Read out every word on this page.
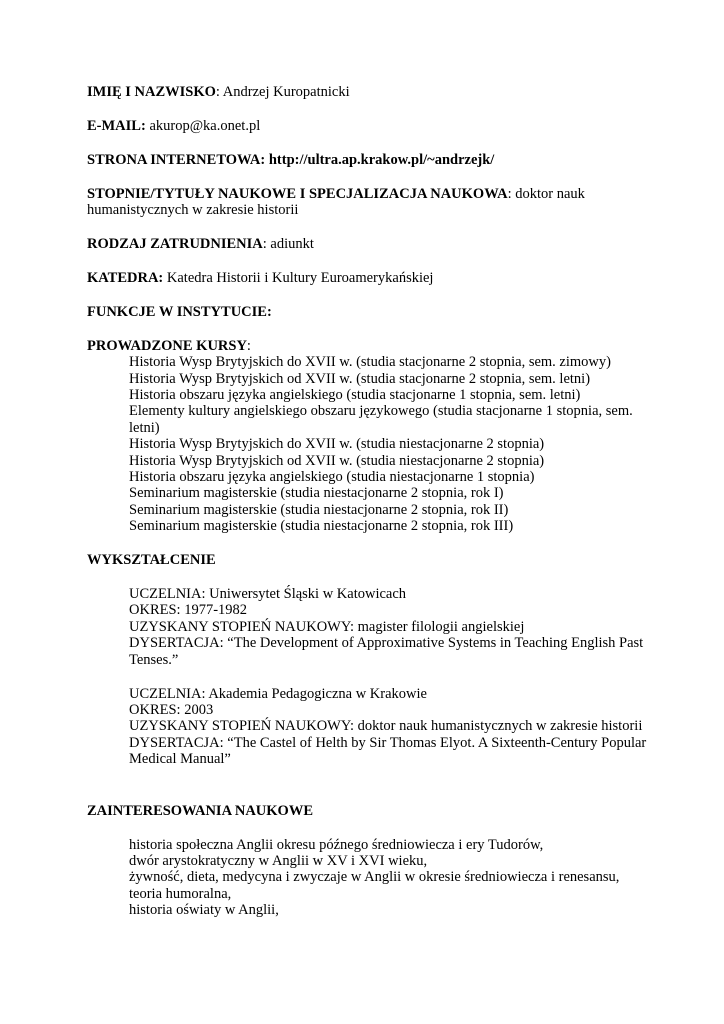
IMIĘ I NAZWISKO: Andrzej Kuropatnicki

E-MAIL: akurop@ka.onet.pl

STRONA INTERNETOWA: http://ultra.ap.krakow.pl/~andrzejk/

STOPNIE/TYTUŁY NAUKOWE I SPECJALIZACJA NAUKOWA: doktor nauk humanistycznych w zakresie historii

RODZAJ ZATRUDNIENIA: adiunkt

KATEDRA: Katedra Historii i Kultury Euroamerykańskiej

FUNKCJE W INSTYTUCIE:

PROWADZONE KURSY:

Historia Wysp Brytyjskich do XVII w. (studia stacjonarne 2 stopnia, sem. zimowy)
Historia Wysp Brytyjskich od XVII w. (studia stacjonarne 2 stopnia, sem. letni)
Historia obszaru języka angielskiego (studia stacjonarne 1 stopnia, sem. letni)
Elementy kultury angielskiego obszaru językowego (studia stacjonarne 1 stopnia, sem. letni)
Historia Wysp Brytyjskich do XVII w. (studia niestacjonarne 2 stopnia)
Historia Wysp Brytyjskich od XVII w. (studia niestacjonarne 2 stopnia)
Historia obszaru języka angielskiego (studia niestacjonarne 1 stopnia)
Seminarium magisterskie (studia niestacjonarne 2 stopnia, rok I)
Seminarium magisterskie (studia niestacjonarne 2 stopnia, rok II)
Seminarium magisterskie (studia niestacjonarne 2 stopnia, rok III)

WYKSZTAŁCENIE

UCZELNIA: Uniwersytet Śląski w Katowicach
OKRES: 1977-1982
UZYSKANY STOPIEŃ NAUKOWY: magister filologii angielskiej
DYSERTACJA: “The Development of Approximative Systems in Teaching English Past Tenses.”
UCZELNIA: Akademia Pedagogiczna w Krakowie
OKRES: 2003
UZYSKANY STOPIEŃ NAUKOWY: doktor nauk humanistycznych w zakresie historii
DYSERTACJA: “The Castel of Helth by Sir Thomas Elyot. A Sixteenth-Century Popular Medical Manual”

ZAINTERESOWANIA NAUKOWE

historia społeczna Anglii okresu późnego średniowiecza i ery Tudorów,
dwór arystokratyczny w Anglii w XV i XVI wieku,
żywność, dieta, medycyna i zwyczaje w Anglii w okresie średniowiecza i renesansu, teoria humoralna,
historia oświaty w Anglii,
